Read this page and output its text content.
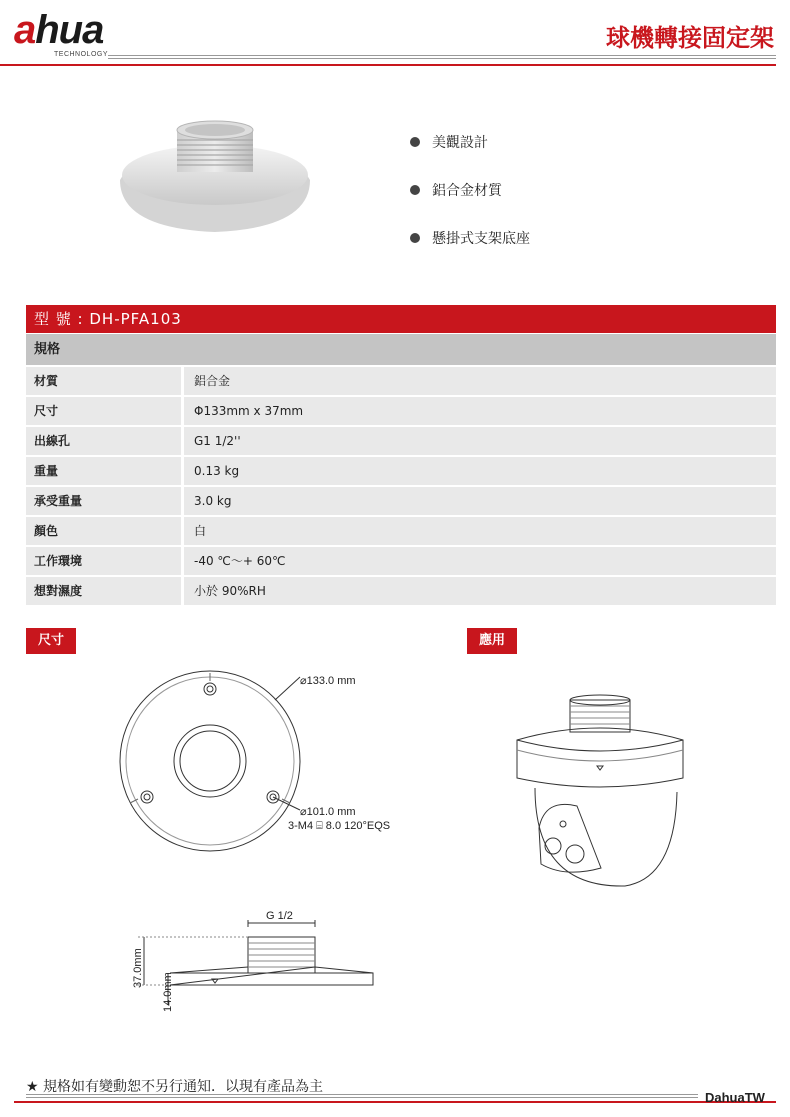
ahua
TECHNOLOGY
球機轉接固定架
美觀設計
鋁合金材質
懸掛式支架底座
型 號 : DH-PFA103
規格
材質	鋁合金
尺寸	Φ133mm x 37mm
出線孔	G1 1/2''
重量	0.13 kg
承受重量	3.0 kg
顏色	白
工作環境	-40 ℃～+ 60℃
想對濕度	小於 90%RH
尺寸	應用
⌀133.0 mm
⌀101.0 mm
3-M4 ⌸ 8.0 120°EQS
G 1/2
37.0mm
14.0mm
★ 規格如有變動恕不另行通知．以現有產品為主
DahuaTW
